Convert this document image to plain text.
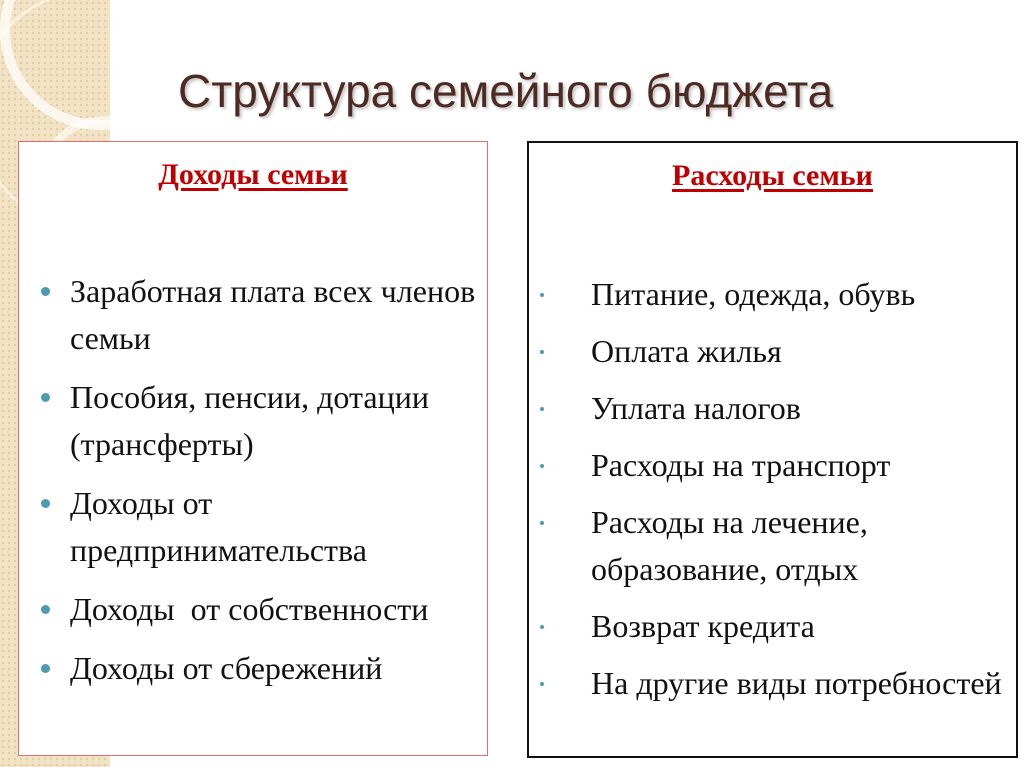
Структура семейного бюджета
Доходы семьи
Заработная плата всех членов семьи
Пособия, пенсии, дотации (трансферты)
Доходы от предпринимательства
Доходы  от собственности
Доходы от сбережений
Расходы семьи
Питание, одежда, обувь
Оплата жилья
Уплата налогов
Расходы на транспорт
Расходы на лечение, образование, отдых
Возврат кредита
На другие виды потребностей
